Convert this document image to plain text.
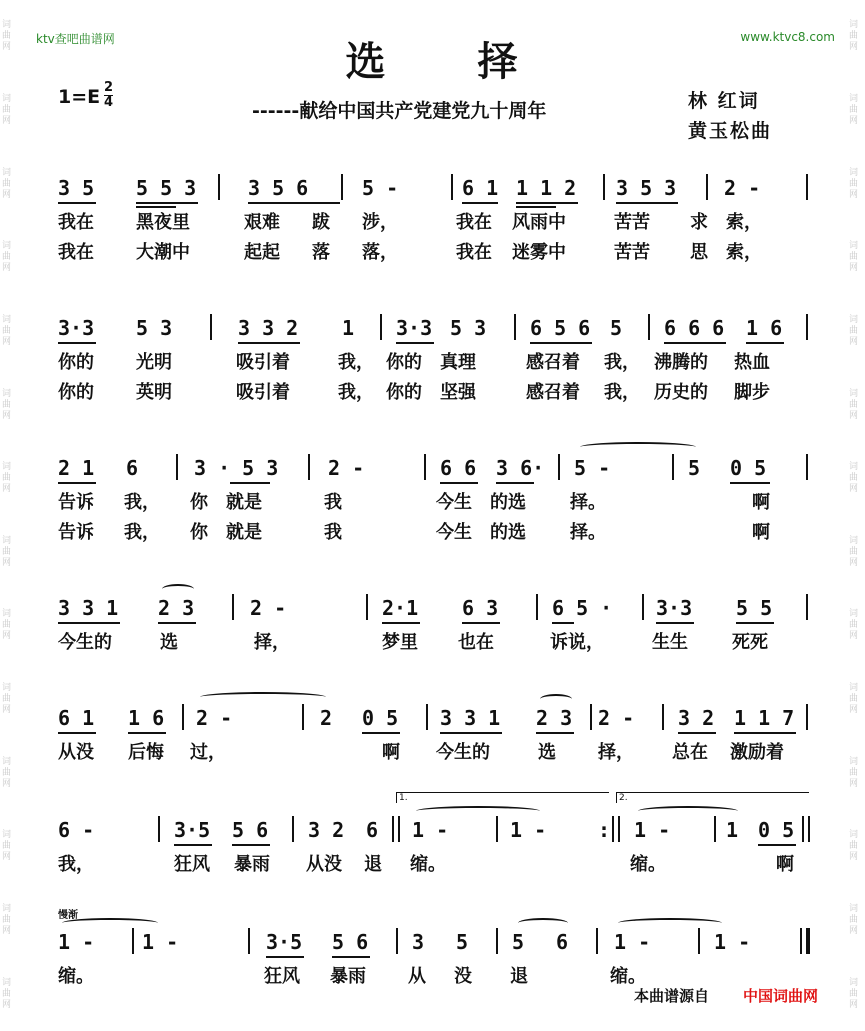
词曲网
词曲网
词曲网
词曲网
词曲网
词曲网
词曲网
词曲网
词曲网
词曲网
词曲网
词曲网
词曲网
词曲网
词曲网
词曲网
词曲网
词曲网
词曲网
词曲网
词曲网
词曲网
词曲网
词曲网
词曲网
词曲网
词曲网
词曲网
ktv查吧曲谱网	www.ktvc8.com
选 择
1=E 2
4	------献给中国共产党建党九十周年	林 红词
黄玉松曲
3 5 5 5 3	3 5 6	5 -	6 1 1 1 2 3 5 3 2 -
我在 黑夜里	艰难 跋 涉，	我在 风雨中	苦苦 求 索，
我在 大潮中	起起 落 落，	我在 迷雾中	苦苦 思 索，
3·3 5 3	3 3 2 1 3·3 5 3 6 5 6 5 6 6 6 1 6
你的 光明	吸引着	我， 你的 真理	感召着 我， 沸腾的 热血
你的 英明	吸引着	我， 你的 坚强	感召着 我， 历史的 脚步
2 1 6	3 · 5 3 2 -	6 6 3 6· 5 -	5 0 5
告诉 我， 你 就是	我	今生 的选 择。	啊
告诉 我， 你 就是	我	今生 的选 择。	啊
3 3 1 2 3	2 -	2·1 6 3	6 5 · 3·3 5 5
今生的	选	择，	梦里 也在	诉说，	生生 死死
6 1 1 6 2 -	2 0 5 3 3 1 2 3 2 - 3 2 1 1 7
从没 后悔 过，	啊 今生的	选 择， 总在 激励着
1.	2.
6 -	3·5 5 6 3 2 6 1 -	1 -	: 1 -	1 0 5
我，	狂风 暴雨 从没 退 缩。	缩。	啊
慢渐
1 - 1 -	3·5 5 6 3 5 5 6 1 -	1 -
缩。	狂风 暴雨 从 没 退	缩。
本曲谱源自 中国词曲网
